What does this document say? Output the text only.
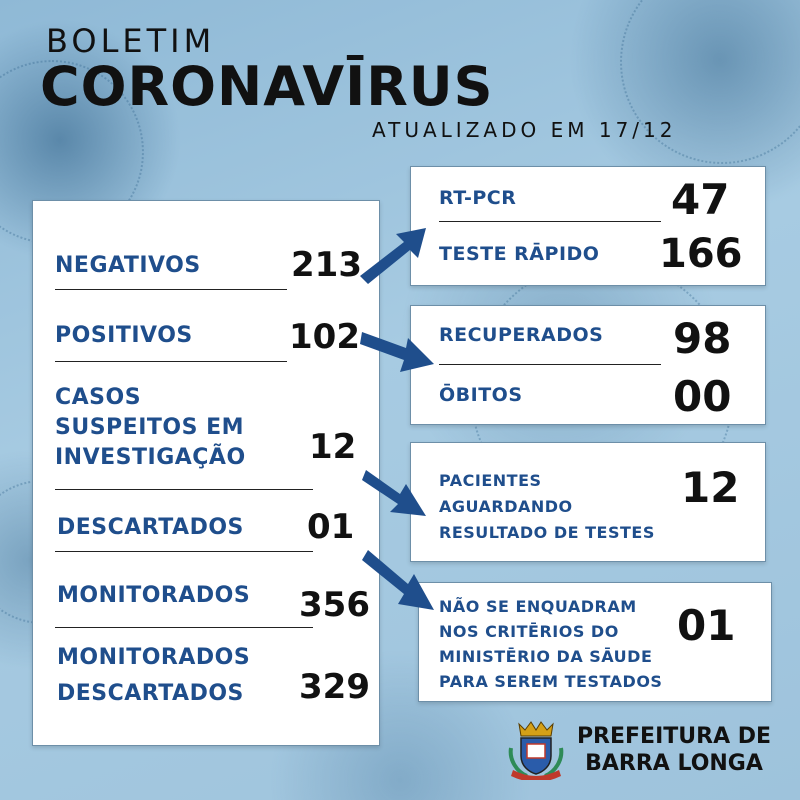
BOLETIM
CORONAVĪRUS
ATUALIZADO EM 17/12
NEGATIVOS	213
POSITIVOS	102
CASOS
SUSPEITOS EM
INVESTIGAÇÃO 12
DESCARTADOS 01
MONITORADOS 356
MONITORADOS
DESCARTADOS 329
RT-PCR	47
TESTE RĀPIDO 166
RECUPERADOS 98
ŌBITOS	00
PACIENTES
AGUARDANDO
RESULTADO DE TESTES
12
NÃO SE ENQUADRAM
NOS CRITĒRIOS DO
MINISTĒRIO DA SĀUDE
PARA SEREM TESTADOS
01
PREFEITURA DE
BARRA LONGA
